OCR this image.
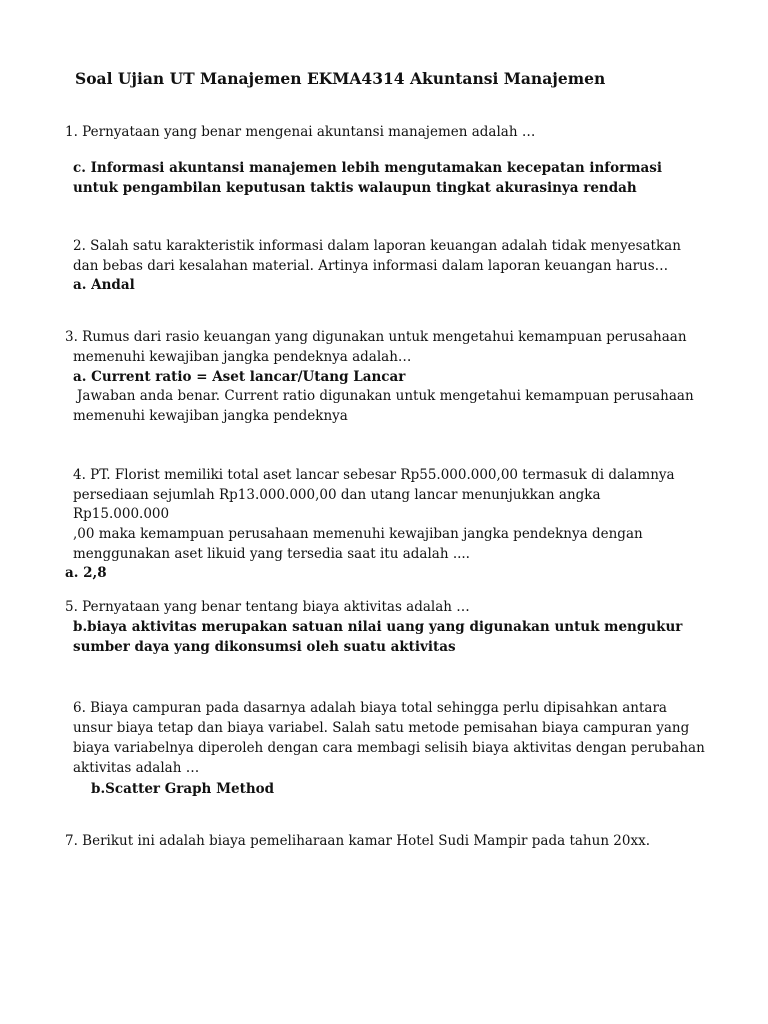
Soal Ujian UT Manajemen EKMA4314 Akuntansi Manajemen
1. Pernyataan yang benar mengenai akuntansi manajemen adalah …
c. Informasi akuntansi manajemen lebih mengutamakan kecepatan informasi
untuk pengambilan keputusan taktis walaupun tingkat akurasinya rendah
2. Salah satu karakteristik informasi dalam laporan keuangan adalah tidak menyesatkan
dan bebas dari kesalahan material. Artinya informasi dalam laporan keuangan harus…
a. Andal
3. Rumus dari rasio keuangan yang digunakan untuk mengetahui kemampuan perusahaan
memenuhi kewajiban jangka pendeknya adalah…
a. Current ratio = Aset lancar/Utang Lancar
Jawaban anda benar. Current ratio digunakan untuk mengetahui kemampuan perusahaan
memenuhi kewajiban jangka pendeknya
4. PT. Florist memiliki total aset lancar sebesar Rp55.000.000,00 termasuk di dalamnya
persediaan sejumlah Rp13.000.000,00 dan utang lancar menunjukkan angka
Rp15.000.000
,00 maka kemampuan perusahaan memenuhi kewajiban jangka pendeknya dengan
menggunakan aset likuid yang tersedia saat itu adalah ....
a. 2,8
5. Pernyataan yang benar tentang biaya aktivitas adalah …
b.biaya aktivitas merupakan satuan nilai uang yang digunakan untuk mengukur
sumber daya yang dikonsumsi oleh suatu aktivitas
6. Biaya campuran pada dasarnya adalah biaya total sehingga perlu dipisahkan antara
unsur biaya tetap dan biaya variabel. Salah satu metode pemisahan biaya campuran yang
biaya variabelnya diperoleh dengan cara membagi selisih biaya aktivitas dengan perubahan
aktivitas adalah …
b.Scatter Graph Method
7. Berikut ini adalah biaya pemeliharaan kamar Hotel Sudi Mampir pada tahun 20xx.
